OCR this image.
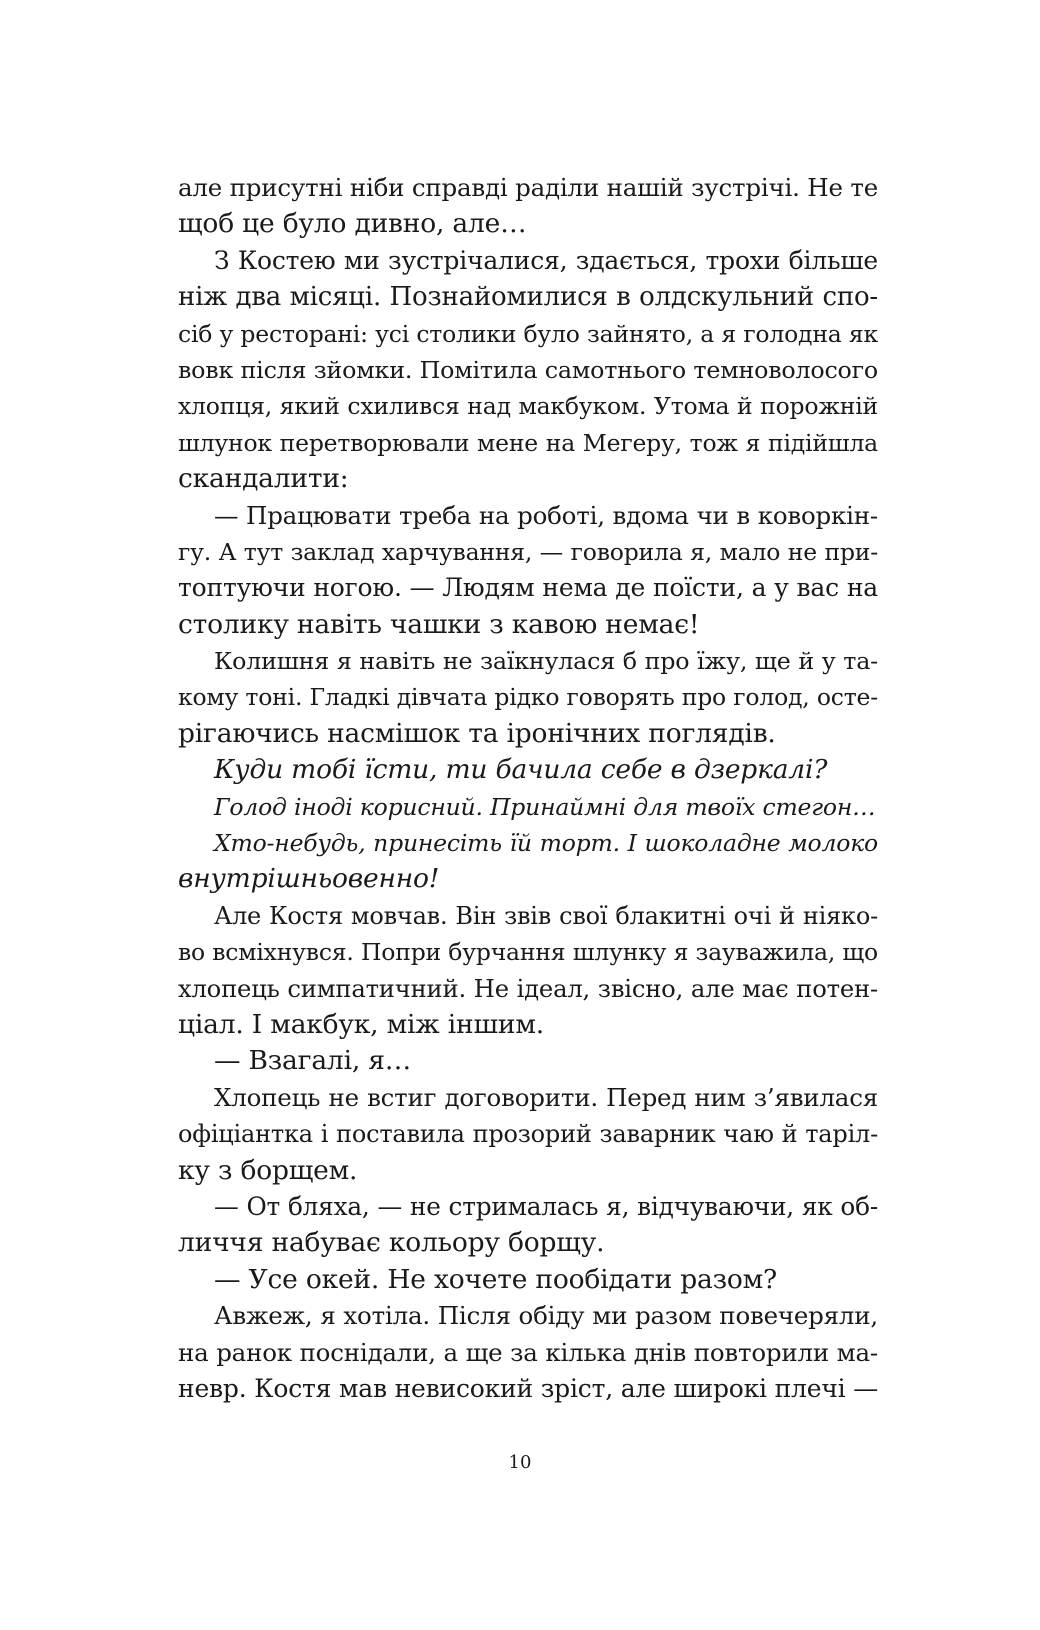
але присутні ніби справді раділи нашій зустрічі. Не те
щоб це було дивно, але…
З Костею ми зустрічалися, здається, трохи більше
ніж два місяці. Познайомилися в олдскульний спо-
сіб у ресторані: усі столики було зайнято, а я голодна як
вовк після зйомки. Помітила самотнього темноволосого
хлопця, який схилився над макбуком. Утома й порожній
шлунок перетворювали мене на Мегеру, тож я підійшла
скандалити:
— Працювати треба на роботі, вдома чи в коворкін-
гу. А тут заклад харчування, — говорила я, мало не при-
топтуючи ногою. — Людям нема де поїсти, а у вас на
столику навіть чашки з кавою немає!
Колишня я навіть не заїкнулася б про їжу, ще й у та-
кому тоні. Гладкі дівчата рідко говорять про голод, осте-
рігаючись насмішок та іронічних поглядів.
Куди тобі їсти, ти бачила себе в дзеркалі?
Голод іноді корисний. Принаймні для твоїх стегон…
Хто-небудь, принесіть їй торт. І шоколадне молоко
внутрішньовенно!
Але Костя мовчав. Він звів свої блакитні очі й ніяко-
во всміхнувся. Попри бурчання шлунку я зауважила, що
хлопець симпатичний. Не ідеал, звісно, але має потен-
ціал. І макбук, між іншим.
— Взагалі, я…
Хлопець не встиг договорити. Перед ним з’явилася
офіціантка і поставила прозорий заварник чаю й таріл-
ку з борщем.
— От бляха, — не стрималась я, відчуваючи, як об-
личчя набуває кольору борщу.
— Усе окей. Не хочете пообідати разом?
Авжеж, я хотіла. Після обіду ми разом повечеряли,
на ранок поснідали, а ще за кілька днів повторили ма-
невр. Костя мав невисокий зріст, але широкі плечі —
10
